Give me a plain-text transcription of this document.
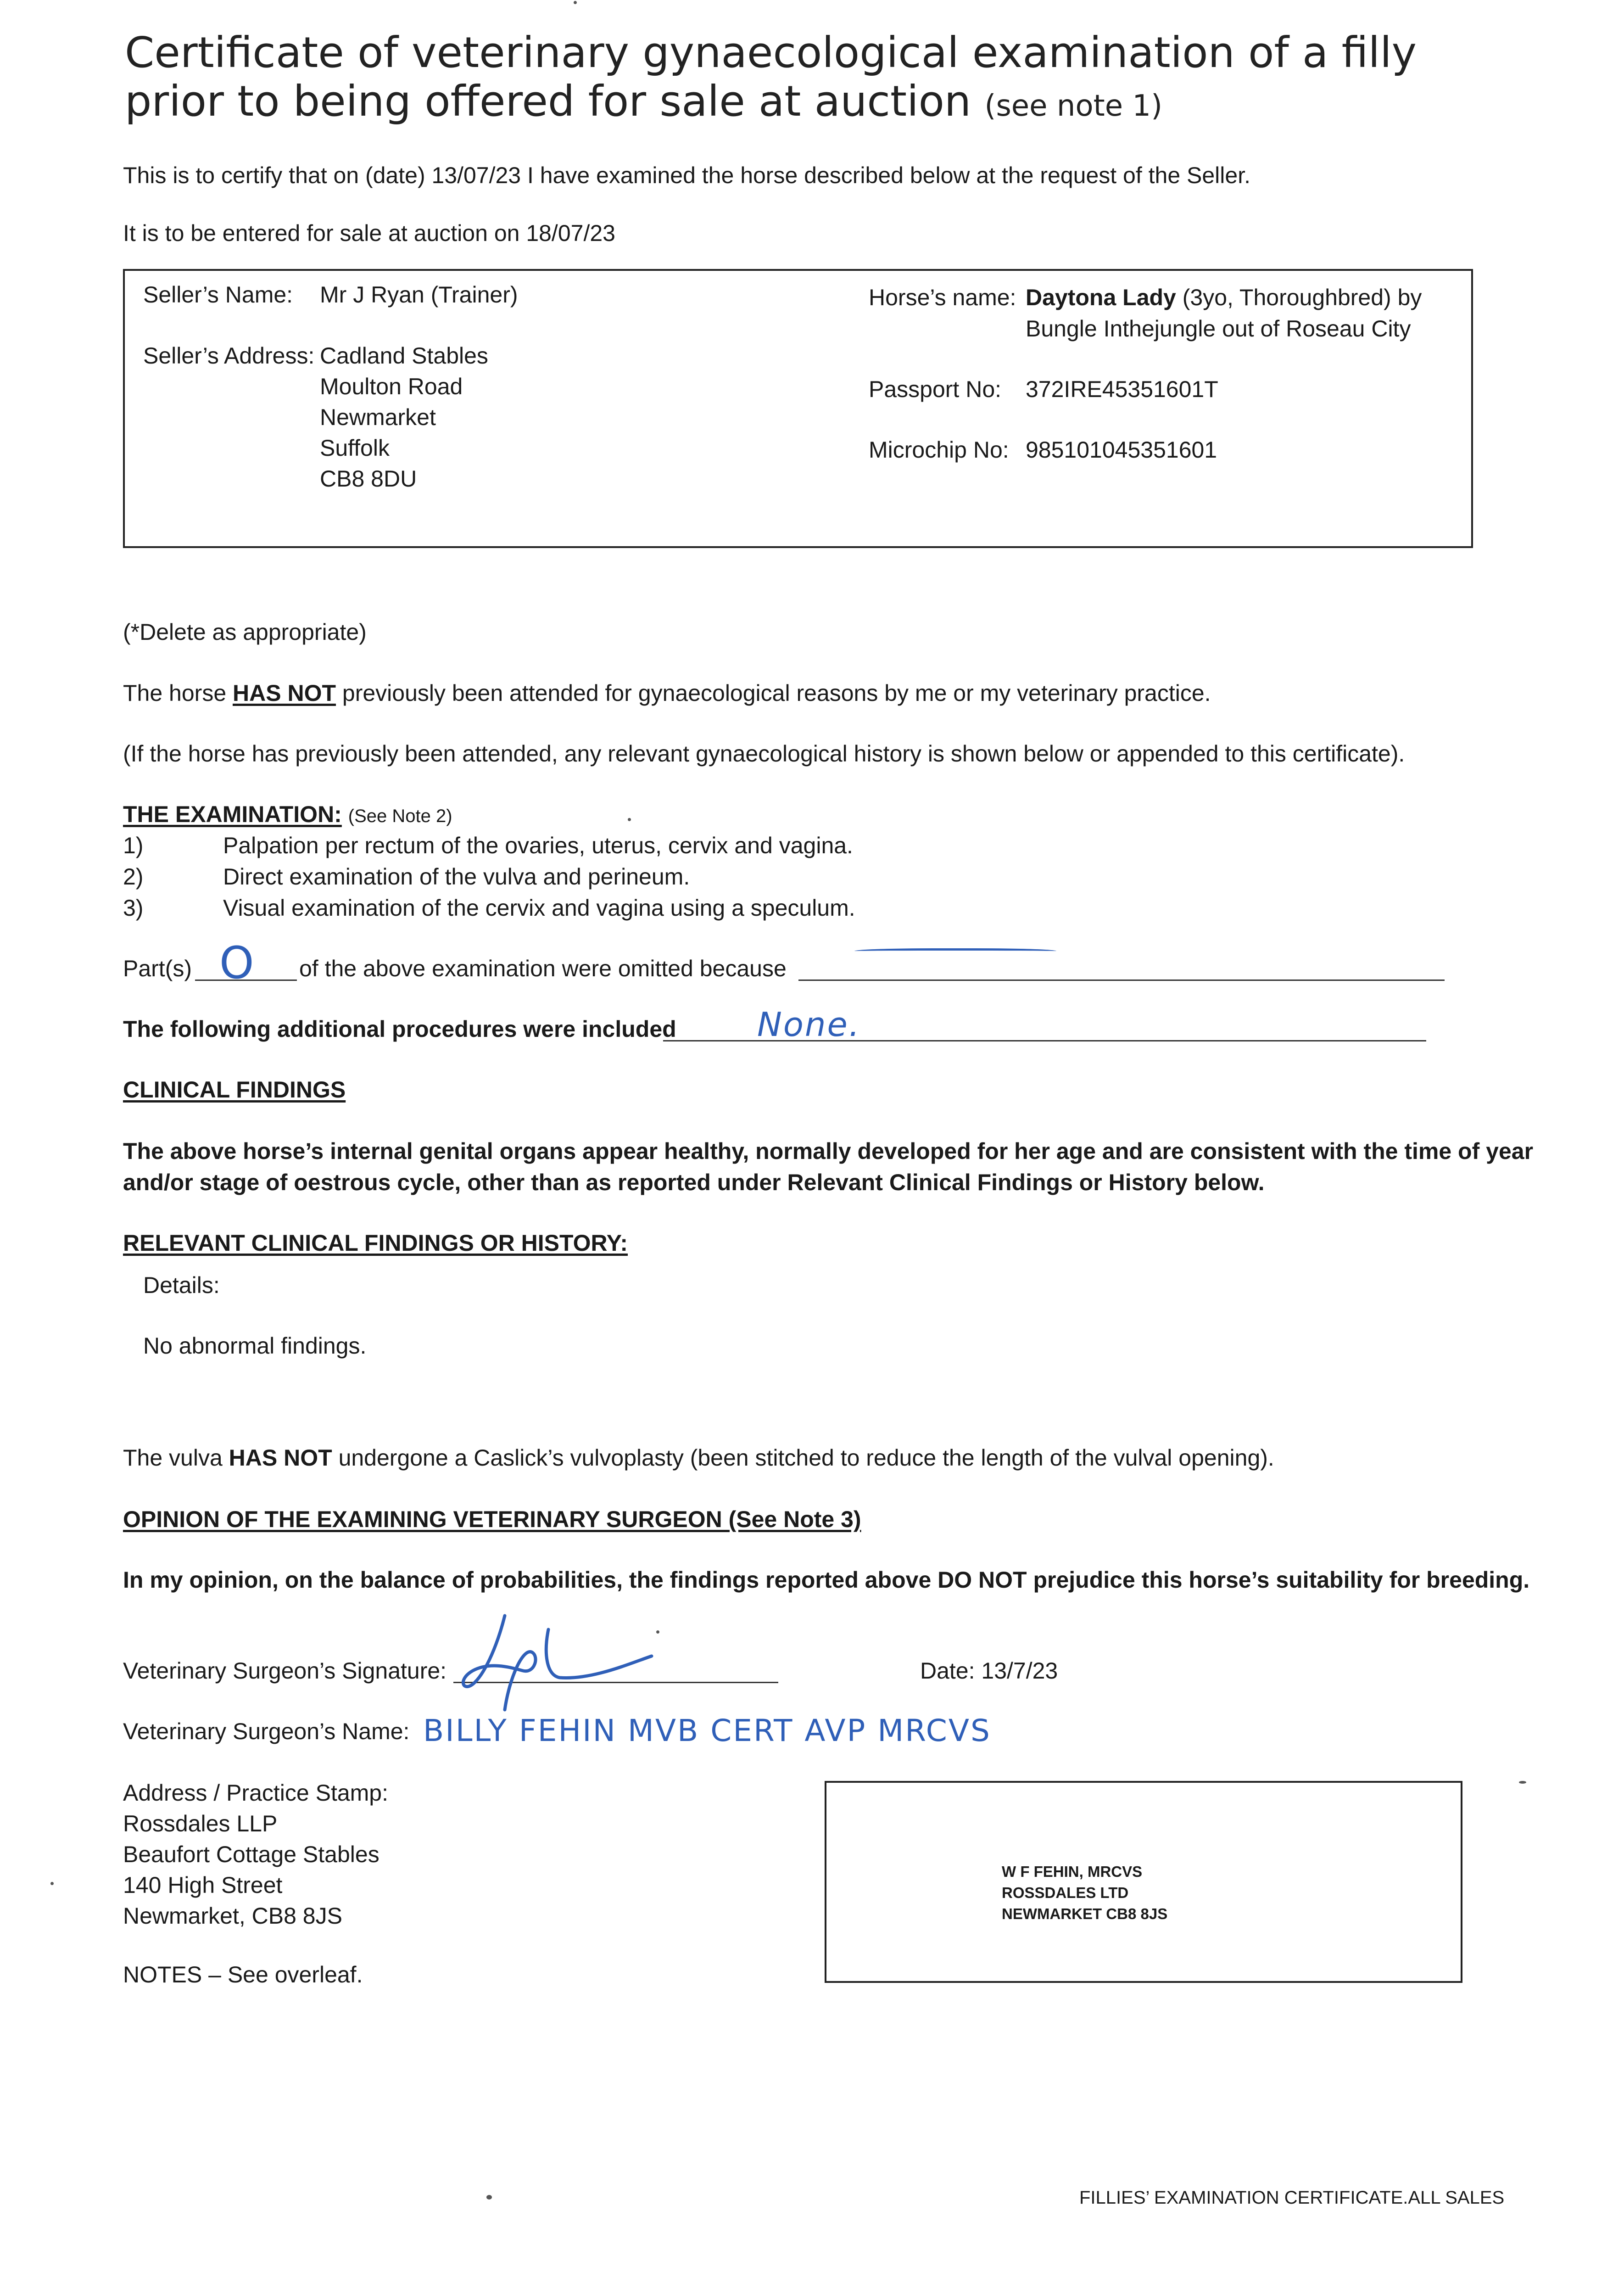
Certificate of veterinary gynaecological examination of a filly
prior to being offered for sale at auction (see note 1)
This is to certify that on (date) 13/07/23 I have examined the horse described below at the request of the Seller.
It is to be entered for sale at auction on 18/07/23
Seller’s Name: Mr J Ryan (Trainer)
Seller’s Address: Cadland Stables
Moulton Road
Newmarket
Suffolk
CB8 8DU
Horse’s name: Daytona Lady (3yo, Thoroughbred) by
Bungle Inthejungle out of Roseau City
Passport No: 372IRE45351601T
Microchip No: 985101045351601
(*Delete as appropriate)
The horse HAS NOT previously been attended for gynaecological reasons by me or my veterinary practice.
(If the horse has previously been attended, any relevant gynaecological history is shown below or appended to this certificate).
THE EXAMINATION: (See Note 2)
1)	Palpation per rectum of the ovaries, uterus, cervix and vagina.
2)	Direct examination of the vulva and perineum.
3)	Visual examination of the cervix and vagina using a speculum.
Part(s) O of the above examination were omitted because
The following additional procedures were included None.
CLINICAL FINDINGS
The above horse’s internal genital organs appear healthy, normally developed for her age and are consistent with the time of year
and/or stage of oestrous cycle, other than as reported under Relevant Clinical Findings or History below.
RELEVANT CLINICAL FINDINGS OR HISTORY:
Details:
No abnormal findings.
The vulva HAS NOT undergone a Caslick’s vulvoplasty (been stitched to reduce the length of the vulval opening).
OPINION OF THE EXAMINING VETERINARY SURGEON (See Note 3)
In my opinion, on the balance of probabilities, the findings reported above DO NOT prejudice this horse’s suitability for breeding.
Veterinary Surgeon’s Signature:	Date: 13/7/23
Veterinary Surgeon’s Name: BILLY FEHIN MVB CERT AVP MRCVS
Address / Practice Stamp:
Rossdales LLP
Beaufort Cottage Stables
140 High Street
Newmarket, CB8 8JS
W F FEHIN, MRCVS
ROSSDALES LTD
NEWMARKET CB8 8JS
NOTES – See overleaf.
FILLIES’ EXAMINATION CERTIFICATE.ALL SALES
